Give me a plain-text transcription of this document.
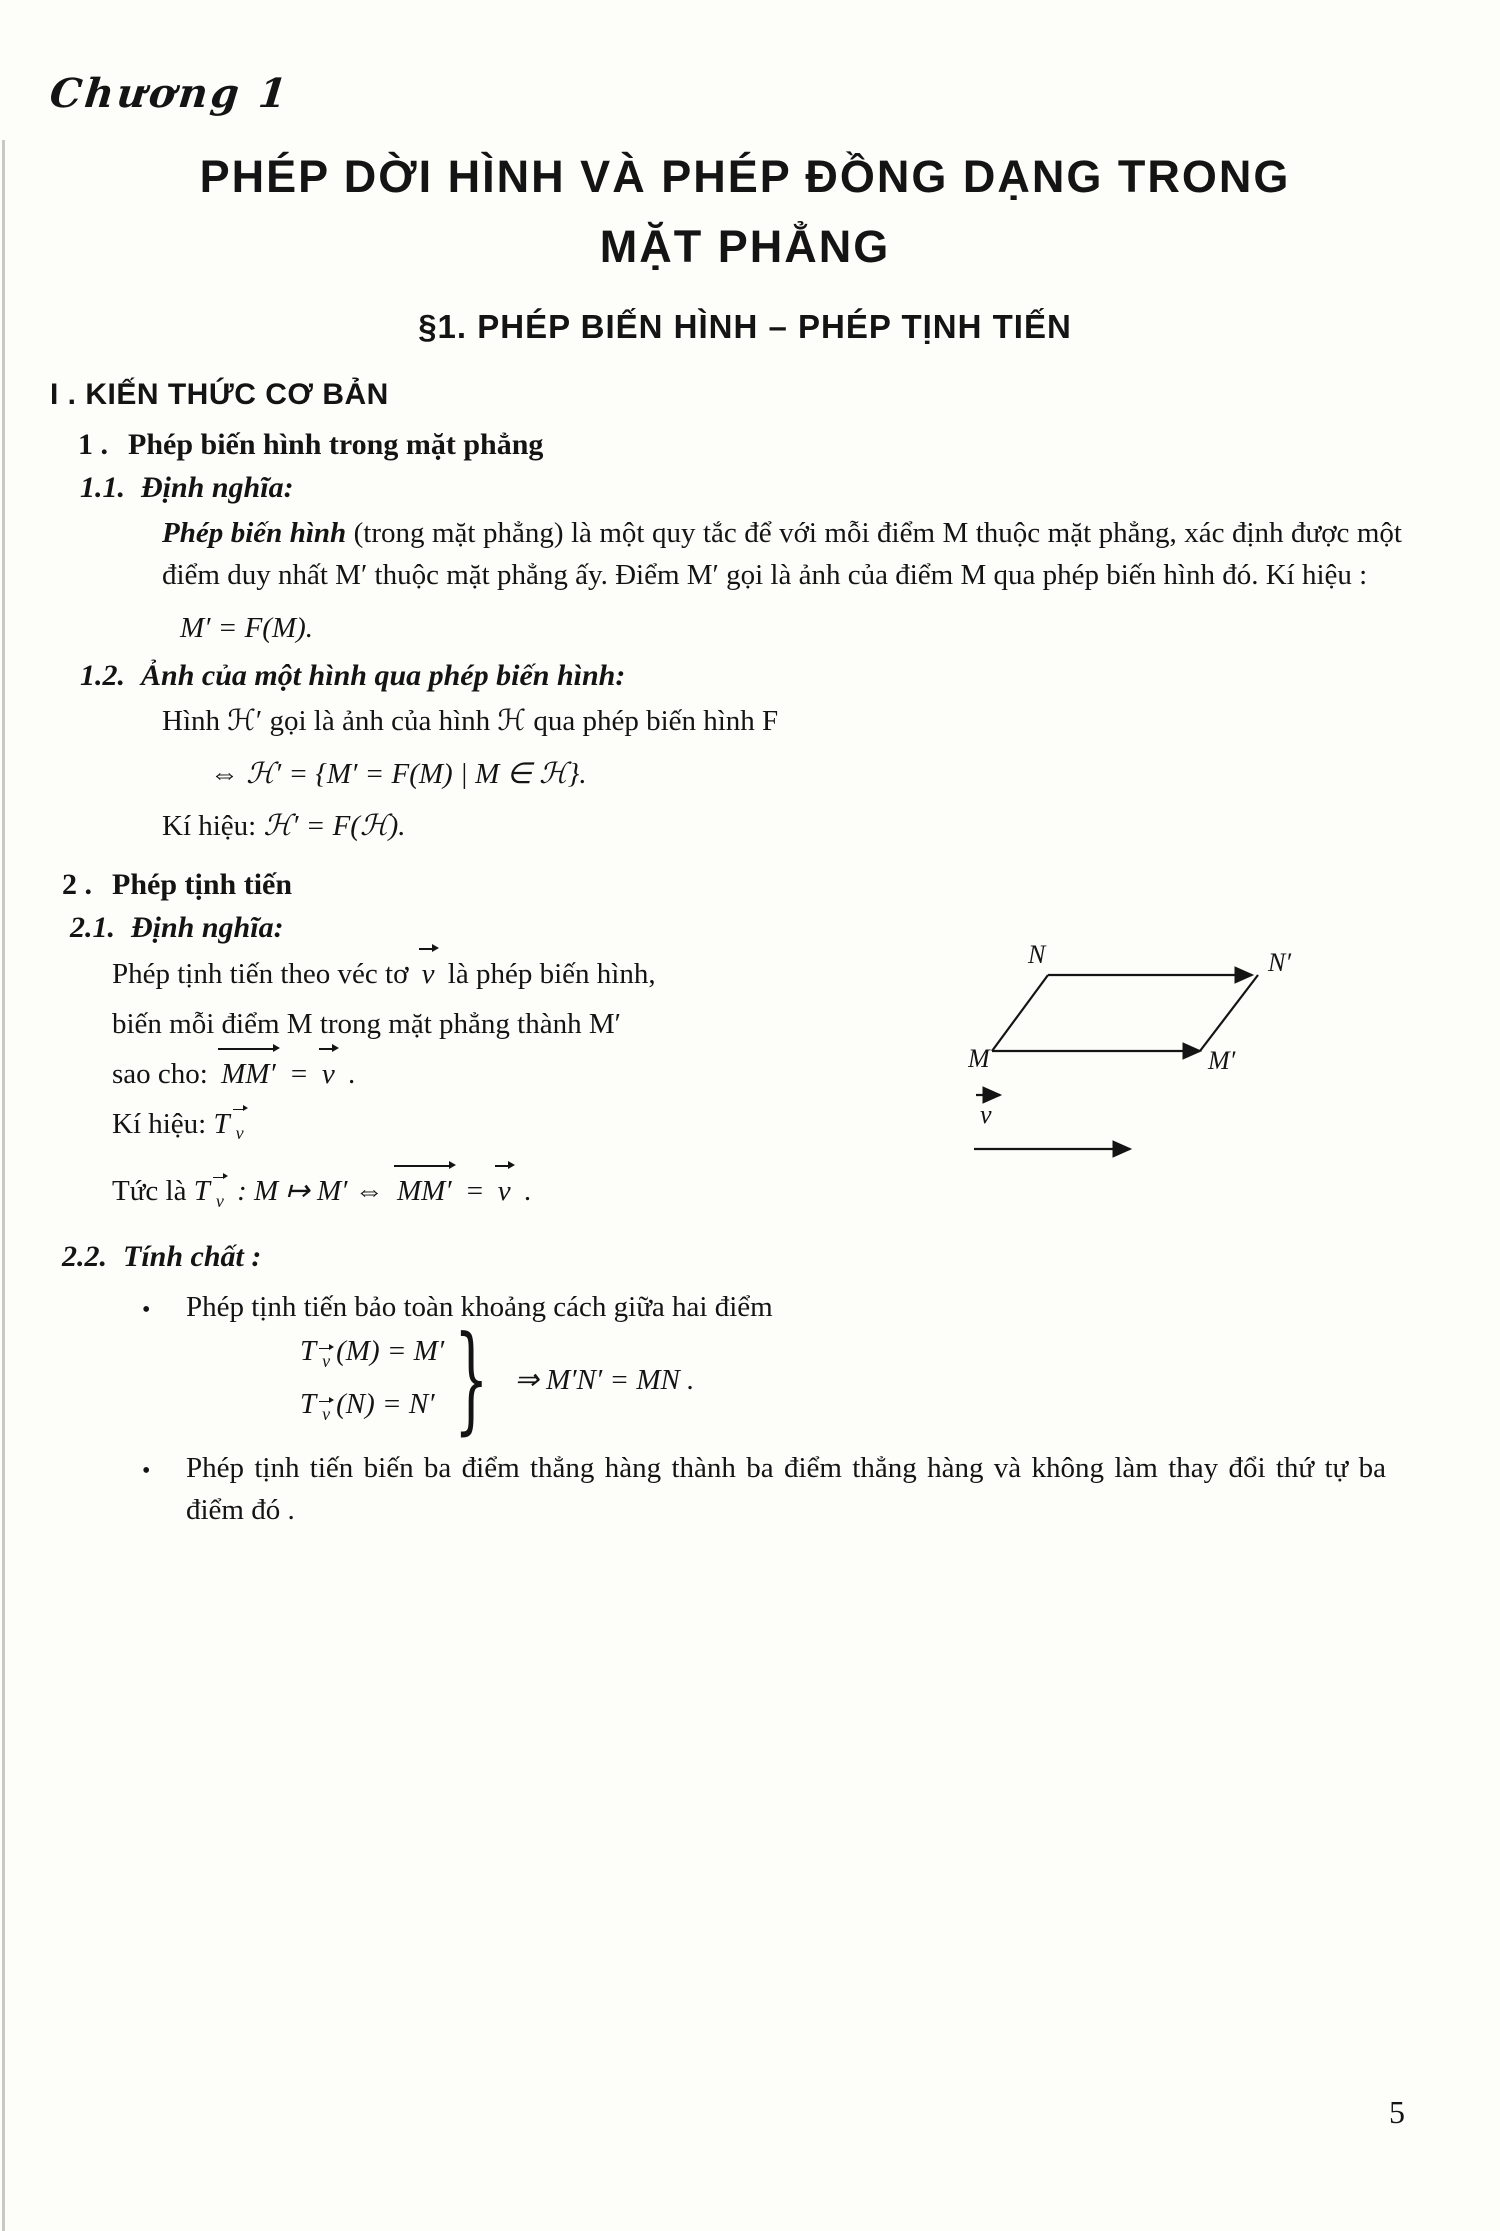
Chương 1
PHÉP DỜI HÌNH VÀ PHÉP ĐỒNG DẠNG TRONG
MẶT PHẲNG
§1. PHÉP BIẾN HÌNH – PHÉP TỊNH TIẾN
I . KIẾN THỨC CƠ BẢN
1 . Phép biến hình trong mặt phẳng
1.1. Định nghĩa:

Phép biến hình (trong mặt phẳng) là một quy tắc để với mỗi điểm M thuộc mặt phẳng, xác định được một điểm duy nhất M′ thuộc mặt phẳng ấy. Điểm M′ gọi là ảnh của điểm M qua phép biến hình đó. Kí hiệu :

M′ = F(M).
1.2. Ảnh của một hình qua phép biến hình:

Hình ℋ′ gọi là ảnh của hình ℋ qua phép biến hình F

⇔ ℋ′ = {M′ = F(M) | M ∈ ℋ}.
Kí hiệu: ℋ′ = F(ℋ).
2 . Phép tịnh tiến
2.1. Định nghĩa:
Phép tịnh tiến theo véc tơ v là phép biến hình,
biến mỗi điểm M trong mặt phẳng thành M′
sao cho: MM′ = v .
Kí hiệu: T $_v$
Tức là T $_v$ : M ↦ M′ ⇔ MM′ = v .
N	N′
M	M′
v
2.2. Tính chất :
•	Phép tịnh tiến bảo toàn khoảng cách giữa hai điểm
T $_v$ (M) = M′
T $_v$ (N) = N′ } ⇒ M′N′ = MN .
•	Phép tịnh tiến biến ba điểm thẳng hàng thành ba điểm thẳng hàng và không làm thay đổi thứ tự ba điểm đó .
5
